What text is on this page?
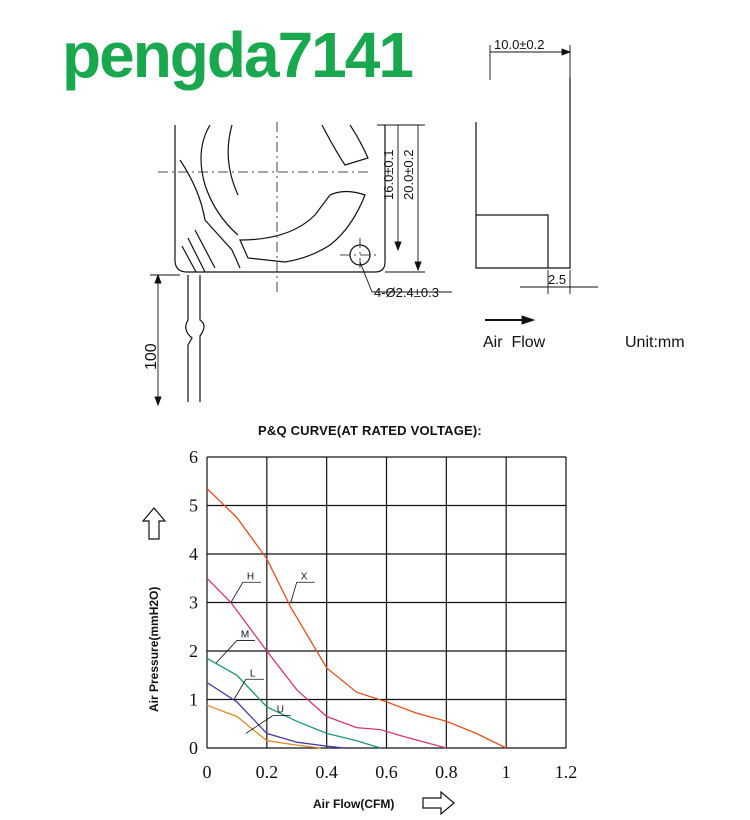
pengda7141	10.0±0.2
16.0±0.1 20.0±0.2
4-Ø2.4±0.3
2.5
100
Air  Flow	Unit:mm
P&Q CURVE(AT RATED VOLTAGE):
0 0.2 0.4 0.6 0.8 1 1.2
0
1
2
3
4
5
6
X
H
M
L
U
Air Flow(CFM)
Air Pressure(mmH2O)
